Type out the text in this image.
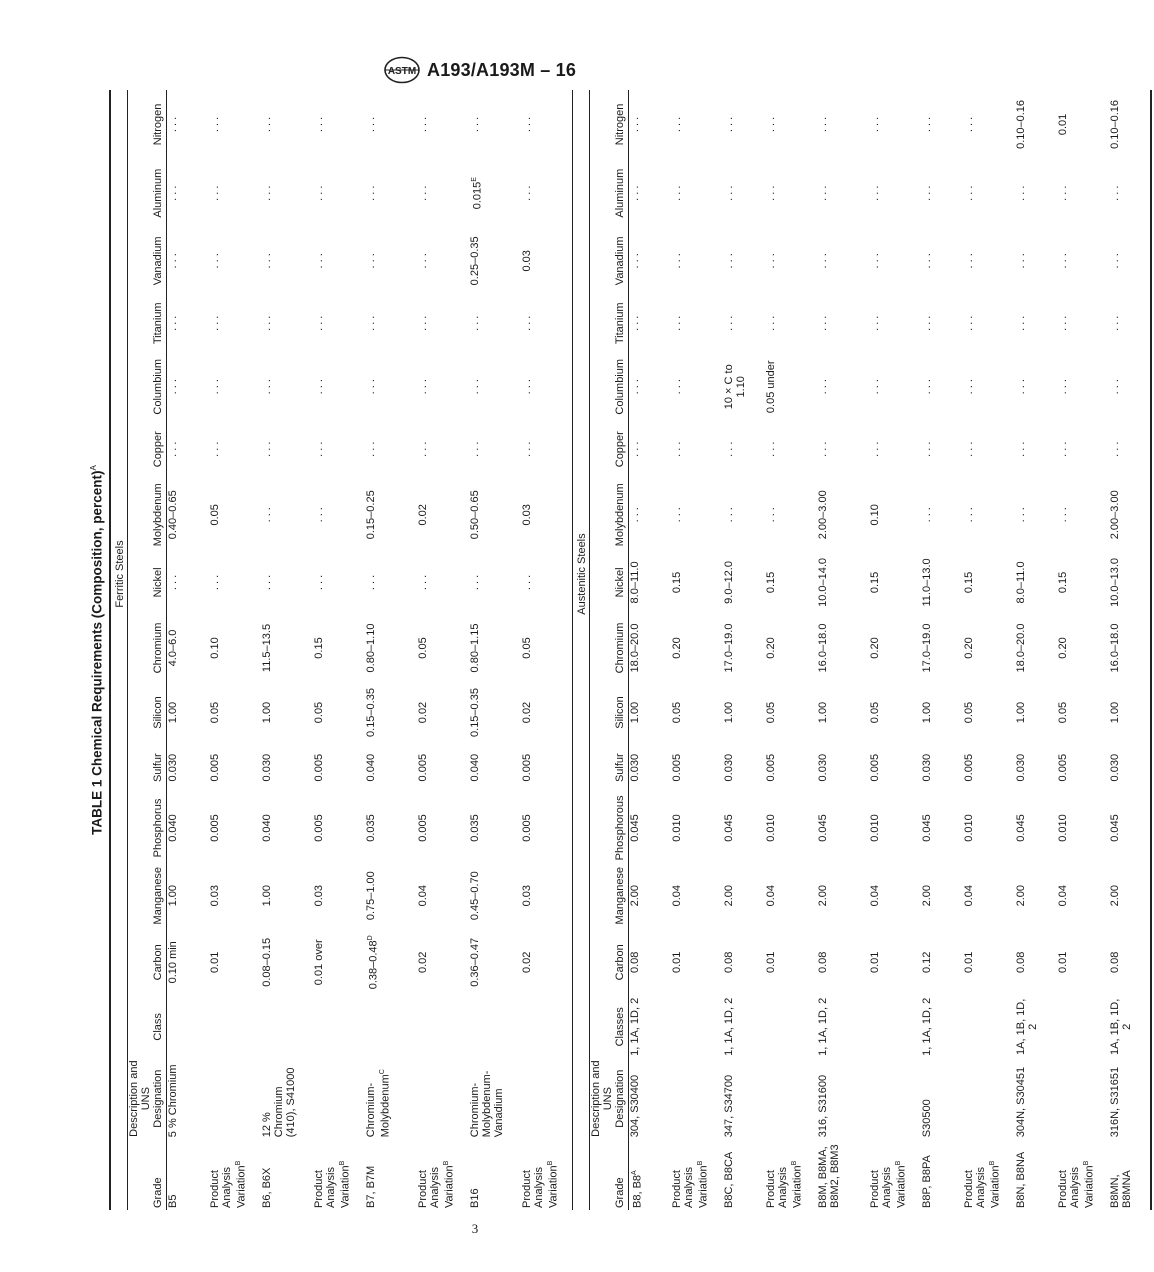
ASTM A193/A193M – 16
TABLE 1 Chemical Requirements (Composition, percent)$^A$

		Ferritic Steels														
Grade	Description and UNS Designation	Class	Carbon	Manganese	Phosphorus	Sulfur	Silicon	Chromium	Nickel	Molybdenum	Copper	Columbium	Titanium	Vanadium	Aluminum	Nitrogen
B5	5 % Chromium		0.10 min	1.00	0.040	0.030	1.00	4.0–6.0	. . .	0.40–0.65	. . .	. . .	. . .	. . .	. . .	. . .
Product Analysis Variation$^B$			0.01	0.03	0.005	0.005	0.05	0.10	. . .	0.05	. . .	. . .	. . .	. . .	. . .	. . .
B6, B6X	12 % Chromium (410), S41000		0.08–0.15	1.00	0.040	0.030	1.00	11.5–13.5	. . .	. . .	. . .	. . .	. . .	. . .	. . .	. . .
Product Analysis Variation$^B$			0.01 over	0.03	0.005	0.005	0.05	0.15	. . .	. . .	. . .	. . .	. . .	. . .	. . .	. . .
B7, B7M	Chromium-Molybdenum$^C$		$0.38-0.48^D$	0.75–1.00	0.035	0.040	0.15–0.35	0.80–1.10	. . .	0.15–0.25	. . .	. . .	. . .	. . .	. . .	. . .
Product Analysis Variation$^B$			0.02	0.04	0.005	0.005	0.02	0.05	. . .	0.02	. . .	. . .	. . .	. . .	. . .	. . .
B16	Chromium-Molybdenum-Vanadium		0.36–0.47	0.45–0.70	0.035	0.040	0.15–0.35	0.80–1.15	. . .	0.50–0.65	. . .	. . .	. . .	0.25–0.35	$0.015^E$	. . .
Product Analysis Variation$^B$			0.02	0.03	0.005	0.005	0.02	0.05	. . .	0.03	. . .	. . .	. . .	0.03	. . .	. . .

		Austenitic Steels														
Grade	Description and UNS Designation	Classes	Carbon	Manganese	Phosphorous	Sulfur	Silicon	Chromium	Nickel	Molybdenum	Copper	Columbium	Titanium	Vanadium	Aluminum	Nitrogen
B8, $B8^A$	304, S30400	1, 1A, 1D, 2	0.08	2.00	0.045	0.030	1.00	18.0–20.0	8.0–11.0	. . .	. . .	. . .	. . .	. . .	. . .	. . .
Product Analysis Variation$^B$			0.01	0.04	0.010	0.005	0.05	0.20	0.15	. . .	. . .	. . .	. . .	. . .	. . .	. . .
B8C, B8CA	347, S34700	1, 1A, 1D, 2	0.08	2.00	0.045	0.030	1.00	17.0–19.0	9.0–12.0	. . .	. . .	10 × C to 1.10	. . .	. . .	. . .	. . .
Product Analysis Variation$^B$			0.01	0.04	0.010	0.005	0.05	0.20	0.15	. . .	. . .	0.05 under	. . .	. . .	. . .	. . .
B8M, B8MA, B8M2, B8M3	316, S31600	1, 1A, 1D, 2	0.08	2.00	0.045	0.030	1.00	16.0–18.0	10.0–14.0	2.00–3.00	. . .	. . .	. . .	. . .	. . .	. . .
Product Analysis Variation$^B$			0.01	0.04	0.010	0.005	0.05	0.20	0.15	0.10	. . .	. . .	. . .	. . .	. . .	. . .
B8P, B8PA	S30500	1, 1A, 1D, 2	0.12	2.00	0.045	0.030	1.00	17.0–19.0	11.0–13.0	. . .	. . .	. . .	. . .	. . .	. . .	. . .
Product Analysis Variation$^B$			0.01	0.04	0.010	0.005	0.05	0.20	0.15	. . .	. . .	. . .	. . .	. . .	. . .	. . .
B8N, B8NA	304N, S30451	1A, 1B, 1D, 2	0.08	2.00	0.045	0.030	1.00	18.0–20.0	8.0–11.0	. . .	. . .	. . .	. . .	. . .	. . .	0.10–0.16
Product Analysis Variation$^B$			0.01	0.04	0.010	0.005	0.05	0.20	0.15	. . .	. . .	. . .	. . .	. . .	. . .	0.01
B8MN, B8MNA	316N, S31651	1A, 1B, 1D, 2	0.08	2.00	0.045	0.030	1.00	16.0–18.0	10.0–13.0	2.00–3.00	. . .	. . .	. . .	. . .	. . .	0.10–0.16

3
